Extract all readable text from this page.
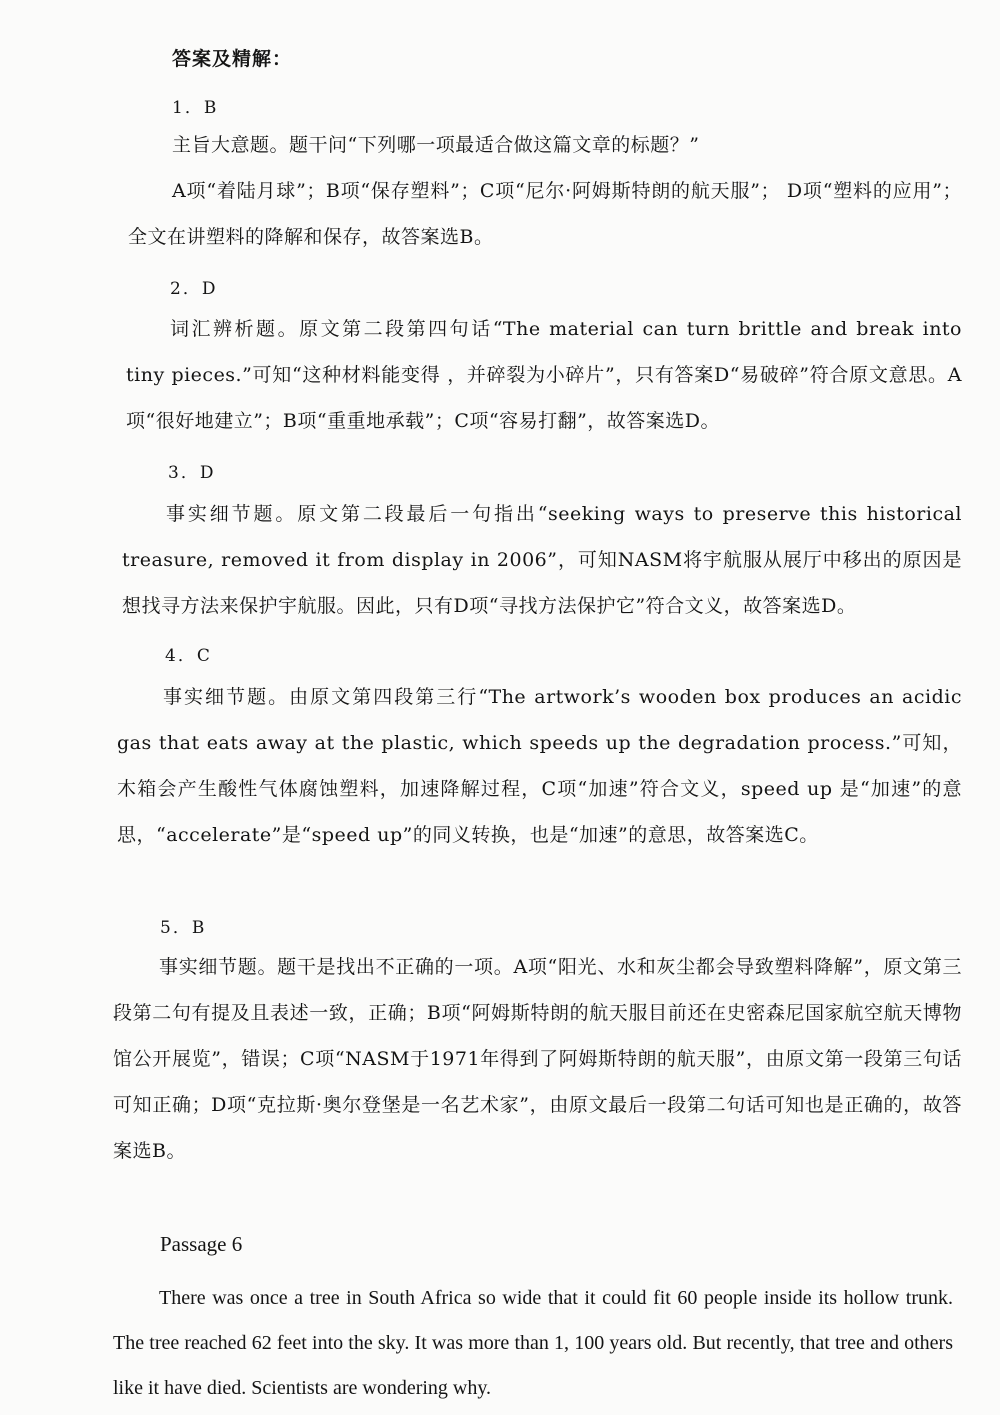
答案及精解：
1．B
主旨大意题。题干问“下列哪一项最适合做这篇文章的标题？”
A项“着陆月球”；B项“保存塑料”；C项“尼尔·阿姆斯特朗的航天服”； D项“塑料的应用”；全文在讲塑料的降解和保存，故答案选B。
2．D
词汇辨析题。原文第二段第四句话“The material can turn brittle and break into tiny pieces.”可知“这种材料能变得 ，并碎裂为小碎片”，只有答案D“易破碎”符合原文意思。A项“很好地建立”；B项“重重地承载”；C项“容易打翻”，故答案选D。
3．D
事实细节题。原文第二段最后一句指出“seeking ways to preserve this historical treasure, removed it from display in 2006”，可知NASM将宇航服从展厅中移出的原因是想找寻方法来保护宇航服。因此，只有D项“寻找方法保护它”符合文义，故答案选D。
4．C
事实细节题。由原文第四段第三行“The artwork’s wooden box produces an acidic gas that eats away at the plastic, which speeds up the degradation process.”可知，木箱会产生酸性气体腐蚀塑料，加速降解过程，C项“加速”符合文义，speed up 是“加速”的意思，“accelerate”是“speed up”的同义转换，也是“加速”的意思，故答案选C。
5．B
事实细节题。题干是找出不正确的一项。A项“阳光、水和灰尘都会导致塑料降解”，原文第三段第二句有提及且表述一致，正确；B项“阿姆斯特朗的航天服目前还在史密森尼国家航空航天博物馆公开展览”，错误；C项“NASM于1971年得到了阿姆斯特朗的航天服”，由原文第一段第三句话可知正确；D项“克拉斯·奥尔登堡是一名艺术家”，由原文最后一段第二句话可知也是正确的，故答案选B。
Passage 6
There was once a tree in South Africa so wide that it could fit 60 people inside its hollow trunk. The tree reached 62 feet into the sky. It was more than 1, 100 years old. But recently, that tree and others like it have died. Scientists are wondering why.
